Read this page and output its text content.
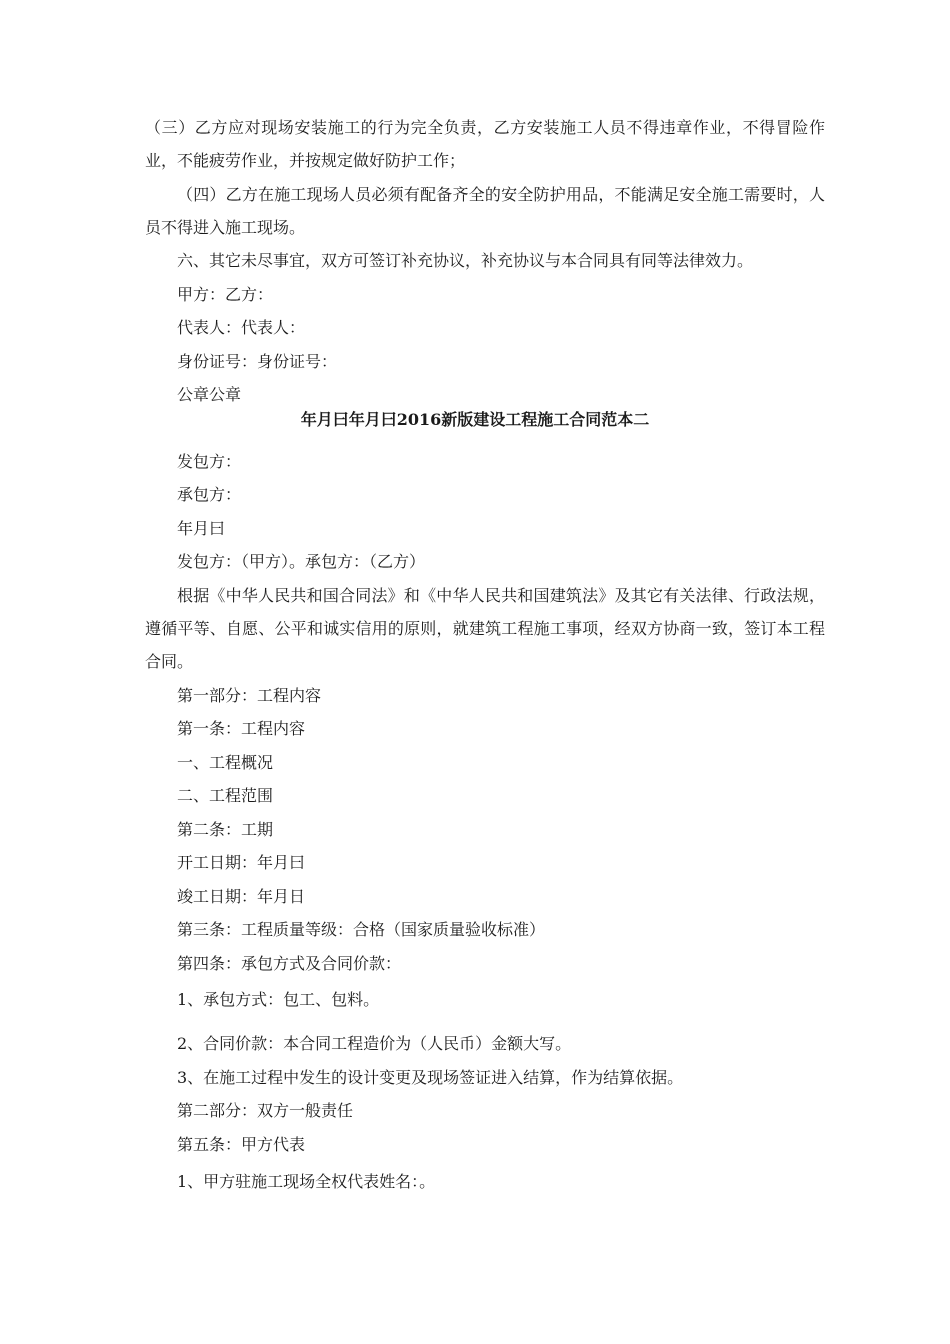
（三）乙方应对现场安装施工的行为完全负责，乙方安装施工人员不得违章作业，不得冒险作业，不能疲劳作业，并按规定做好防护工作；

（四）乙方在施工现场人员必须有配备齐全的安全防护用品，不能满足安全施工需要时，人员不得进入施工现场。

六、其它未尽事宜，双方可签订补充协议，补充协议与本合同具有同等法律效力。

甲方：乙方：

代表人：代表人：

身份证号：身份证号：

公章公章

年月曰年月曰2016新版建设工程施工合同范本二

发包方：

承包方：

年月曰

发包方：（甲方）。承包方：（乙方）

根据《中华人民共和国合同法》和《中华人民共和国建筑法》及其它有关法律、行政法规，遵循平等、自愿、公平和诚实信用的原则，就建筑工程施工事项，经双方协商一致，签订本工程合同。

第一部分：工程内容

第一条：工程内容

一、工程概况

二、工程范围

第二条：工期

开工日期：年月曰

竣工日期：年月日

第三条：工程质量等级：合格（国家质量验收标准）

第四条：承包方式及合同价款：

1、承包方式：包工、包料。

2、合同价款：本合同工程造价为（人民币）金额大写。

3、在施工过程中发生的设计变更及现场签证进入结算，作为结算依据。

第二部分：双方一般责任

第五条：甲方代表

1、甲方驻施工现场全权代表姓名：。
